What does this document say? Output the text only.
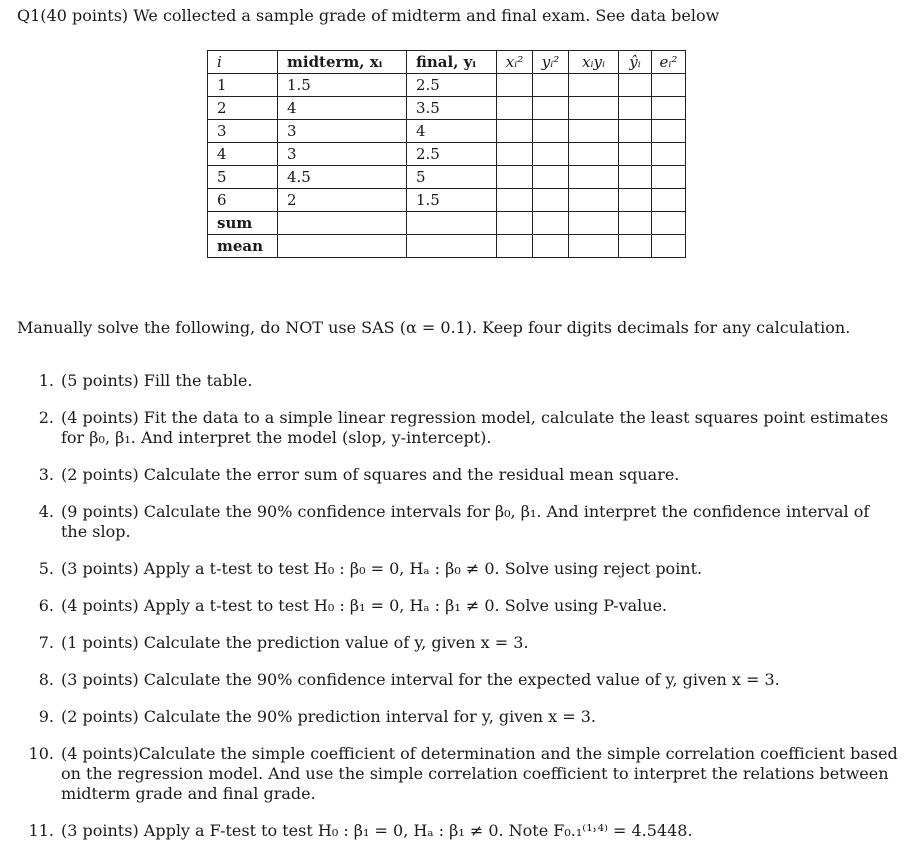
Q1(40 points) We collected a sample grade of midterm and final exam. See data below
i	midterm, xᵢ	final, yᵢ	xᵢ²	yᵢ²	xᵢyᵢ	ŷᵢ	eᵢ²
1	1.5	2.5					
2	4	3.5					
3	3	4					
4	3	2.5					
5	4.5	5					
6	2	1.5					
sum							
mean							
Manually solve the following, do NOT use SAS (α = 0.1). Keep four digits decimals for any calculation.
1. (5 points) Fill the table.
2. (4 points) Fit the data to a simple linear regression model, calculate the least squares point estimates for β₀, β₁. And interpret the model (slop, y-intercept).
3. (2 points) Calculate the error sum of squares and the residual mean square.
4. (9 points) Calculate the 90% confidence intervals for β₀, β₁. And interpret the confidence interval of the slop.
5. (3 points) Apply a t-test to test H₀ : β₀ = 0, Hₐ : β₀ ≠ 0. Solve using reject point.
6. (4 points) Apply a t-test to test H₀ : β₁ = 0, Hₐ : β₁ ≠ 0. Solve using P-value.
7. (1 points) Calculate the prediction value of y, given x = 3.
8. (3 points) Calculate the 90% confidence interval for the expected value of y, given x = 3.
9. (2 points) Calculate the 90% prediction interval for y, given x = 3.
10. (4 points)Calculate the simple coefficient of determination and the simple correlation coefficient based on the regression model. And use the simple correlation coefficient to interpret the relations between midterm grade and final grade.
11. (3 points) Apply a F-test to test H₀ : β₁ = 0, Hₐ : β₁ ≠ 0. Note F₀.₁⁽¹˒⁴⁾ = 4.5448.
